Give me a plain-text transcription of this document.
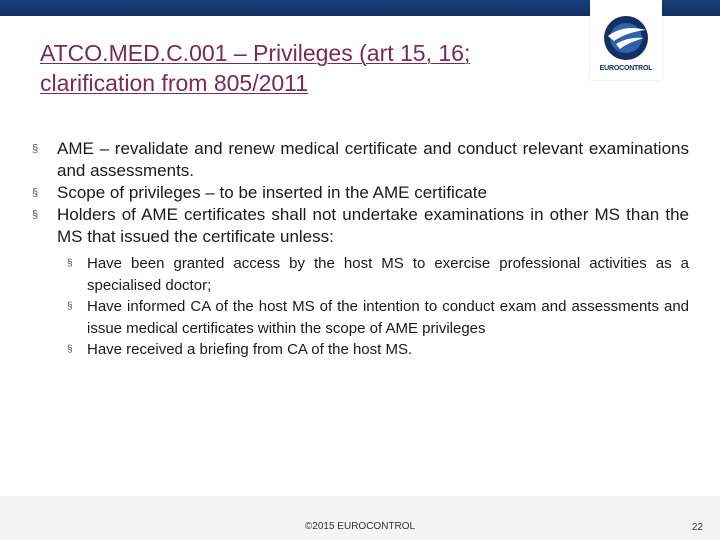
EUROCONTROL
ATCO.MED.C.001 – Privileges (art 15, 16;
clarification from 805/2011
§ AME – revalidate and renew medical certificate and conduct relevant examinations and assessments.
§ Scope of privileges – to be inserted in the AME certificate
§ Holders of AME certificates shall not undertake examinations in other MS than the MS that issued the certificate unless:
§ Have been granted access by the host MS to exercise professional activities as a specialised doctor;
§ Have informed CA of the host MS of the intention to conduct exam and assessments and issue medical certificates within the scope of AME privileges
§ Have received a briefing from CA of the host MS.
©2015 EUROCONTROL	22
